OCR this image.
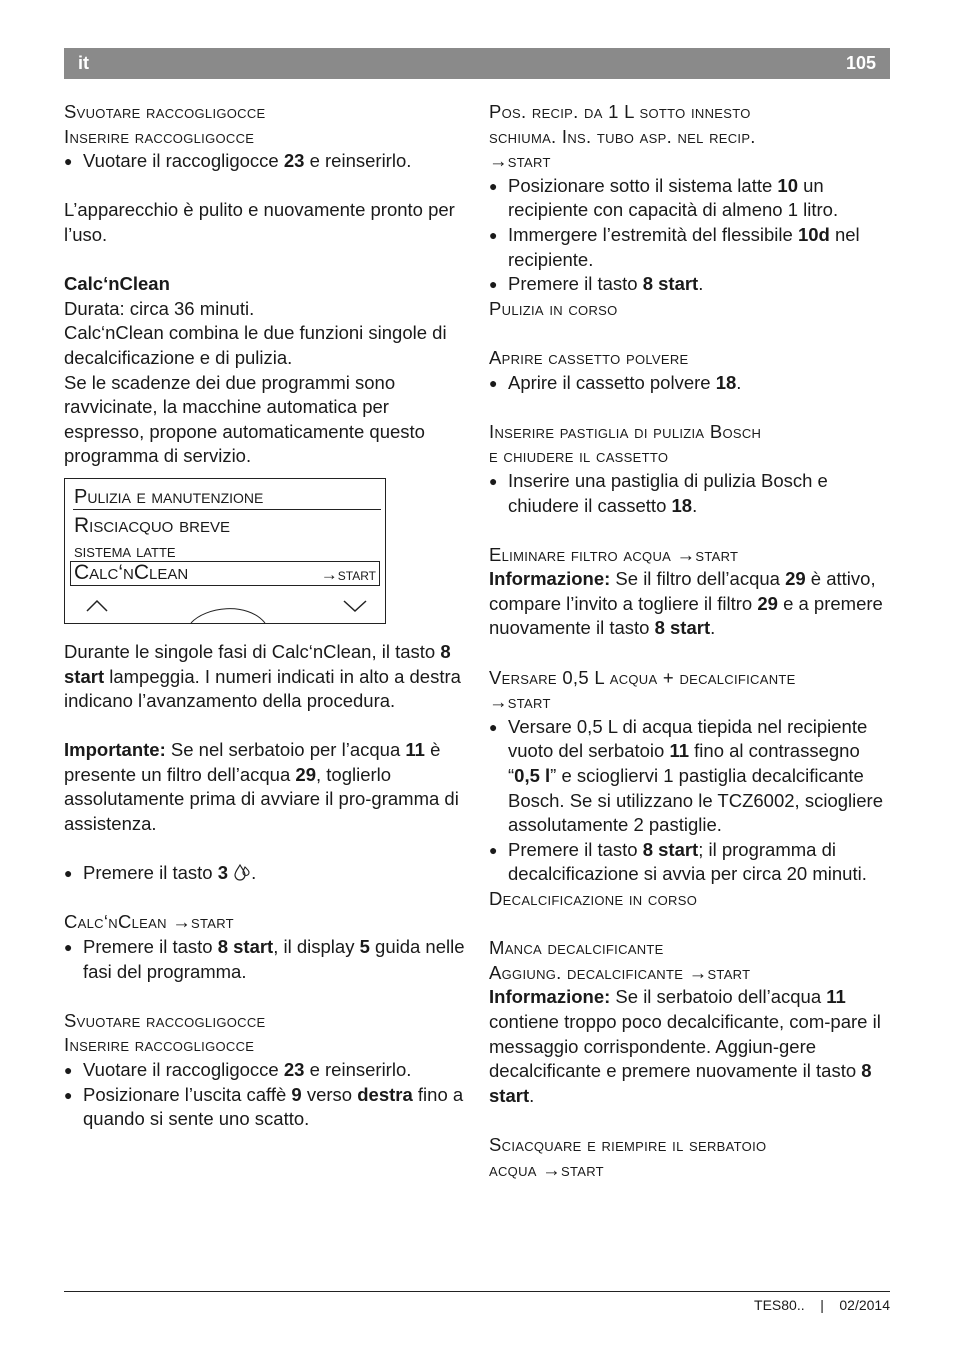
it	105

Svuotare raccogligocce

Inserire raccogligocce

● Vuotare il raccogligocce 23 e reinserirlo.

L’apparecchio è pulito e nuovamente pronto per l’uso.

Calc‘nClean

Durata: circa 36 minuti.

Calc‘nClean combina le due funzioni singole di decalcificazione e di pulizia.

Se le scadenze dei due programmi sono ravvicinate, la macchine automatica per espresso, propone automaticamente questo programma di servizio.

Pulizia e manutenzione
Risciacquo breve
sistema latte
Calc‘nClean	→start

Durante le singole fasi di Calc‘nClean, il tasto 8 start lampeggia. I numeri indicati in alto a destra indicano l’avanzamento della procedura.

Importante: Se nel serbatoio per l’acqua 11 è presente un filtro dell’acqua 29, toglierlo assolutamente prima di avviare il pro-gramma di assistenza.

● Premere il tasto 3 .

Calc‘nClean →start

● Premere il tasto 8 start, il display 5 guida nelle fasi del programma.

Svuotare raccogligocce

Inserire raccogligocce

● Vuotare il raccogligocce 23 e reinserirlo.

● Posizionare l’uscita caffè 9 verso destra fino a quando si sente uno scatto.

Pos. recip. da 1 L sotto innesto

schiuma. Ins. tubo asp. nel recip.

→start

● Posizionare sotto il sistema latte 10 un recipiente con capacità di almeno 1 litro.

● Immergere l’estremità del flessibile 10d nel recipiente.

● Premere il tasto 8 start.

Pulizia in corso

Aprire cassetto polvere

● Aprire il cassetto polvere 18.

Inserire pastiglia di pulizia Bosch

e chiudere il cassetto

● Inserire una pastiglia di pulizia Bosch e chiudere il cassetto 18.

Eliminare filtro acqua →start

Informazione: Se il filtro dell’acqua 29 è attivo, compare l’invito a togliere il filtro 29 e a premere nuovamente il tasto 8 start.

Versare 0,5 L acqua + decalcificante

→start

● Versare 0,5 L di acqua tiepida nel recipiente vuoto del serbatoio 11 fino al contrassegno “0,5 l” e sciogliervi 1 pastiglia decalcificante Bosch. Se si utilizzano le TCZ6002, sciogliere assolutamente 2 pastiglie.

● Premere il tasto 8 start; il programma di decalcificazione si avvia per circa 20 minuti.

Decalcificazione in corso

Manca decalcificante

Aggiung. decalcificante →start

Informazione: Se il serbatoio dell’acqua 11 contiene troppo poco decalcificante, com-pare il messaggio corrispondente. Aggiun-gere decalcificante e premere nuovamente il tasto 8 start.

Sciacquare e riempire il serbatoio

acqua →start

TES80.. | 02/2014
